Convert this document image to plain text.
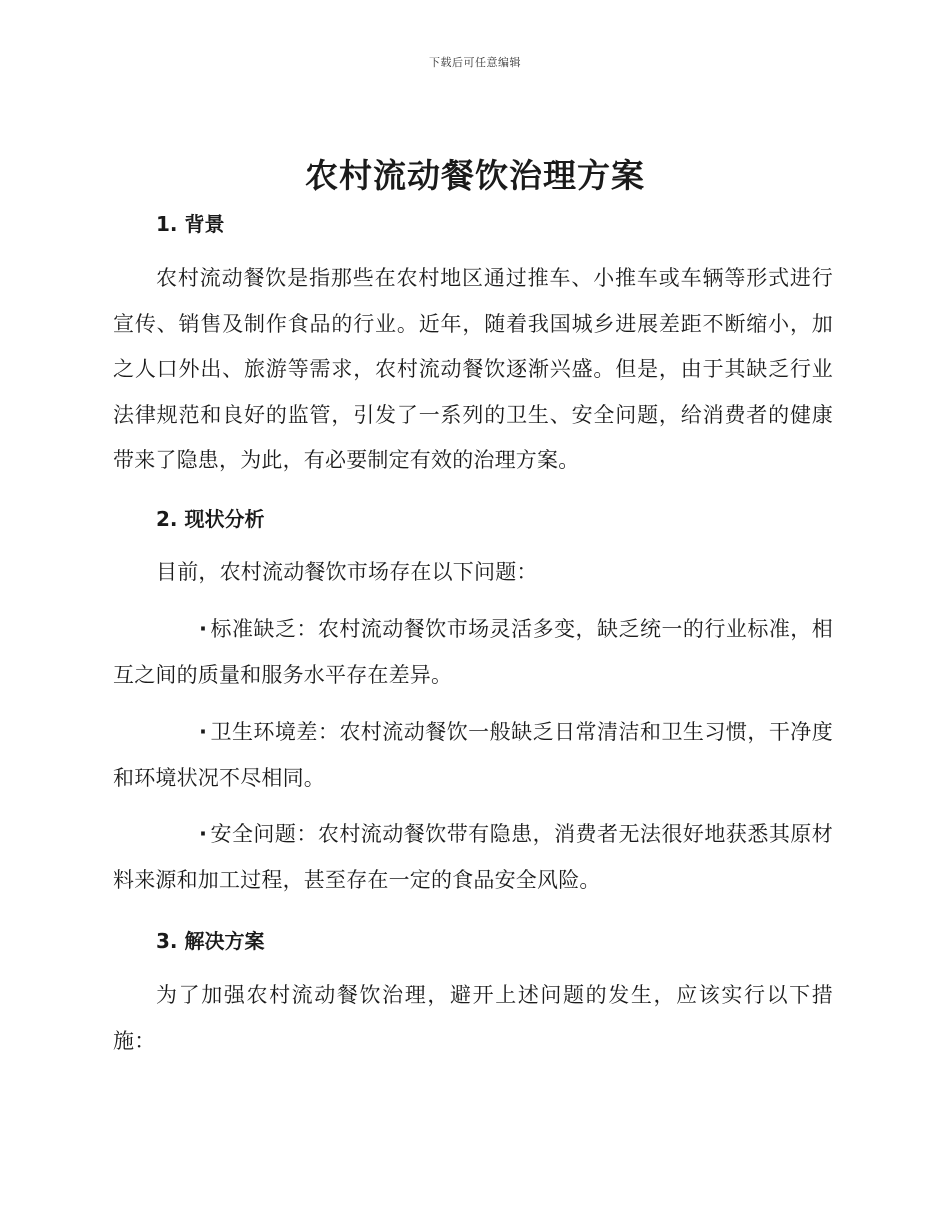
下载后可任意编辑
农村流动餐饮治理方案
1. 背景

农村流动餐饮是指那些在农村地区通过推车、小推车或车辆等形式进行宣传、销售及制作食品的行业。近年，随着我国城乡进展差距不断缩小，加之人口外出、旅游等需求，农村流动餐饮逐渐兴盛。但是，由于其缺乏行业法律规范和良好的监管，引发了一系列的卫生、安全问题，给消费者的健康带来了隐患，为此，有必要制定有效的治理方案。

2. 现状分析

目前，农村流动餐饮市场存在以下问题：

· 标准缺乏：农村流动餐饮市场灵活多变，缺乏统一的行业标准，相互之间的质量和服务水平存在差异。

· 卫生环境差：农村流动餐饮一般缺乏日常清洁和卫生习惯，干净度和环境状况不尽相同。

· 安全问题：农村流动餐饮带有隐患，消费者无法很好地获悉其原材料来源和加工过程，甚至存在一定的食品安全风险。

3. 解决方案

为了加强农村流动餐饮治理，避开上述问题的发生，应该实行以下措施：
